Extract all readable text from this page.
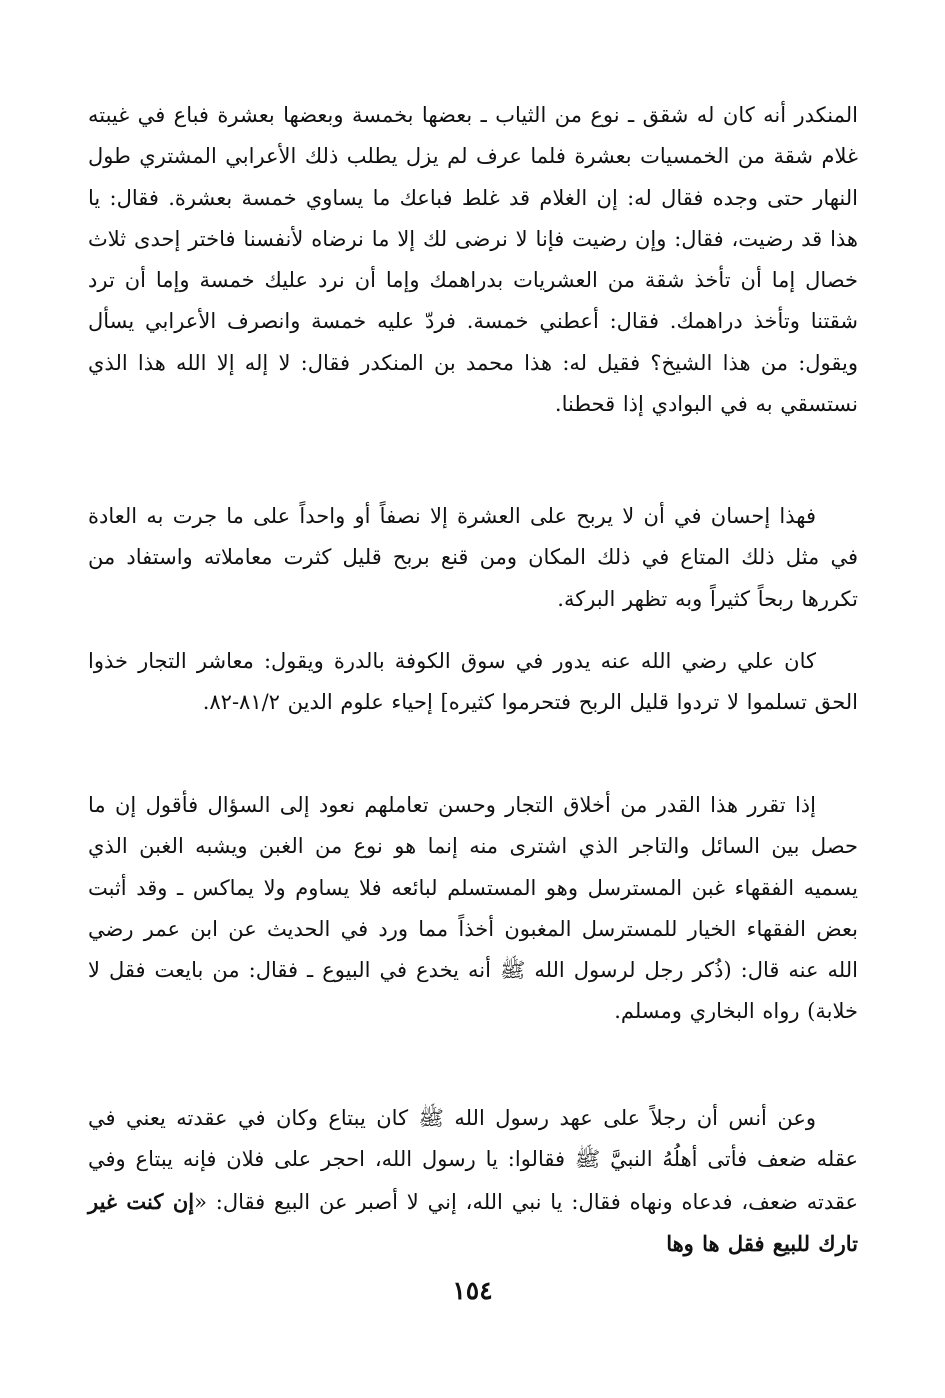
المنكدر أنه كان له شقق ـ نوع من الثياب ـ بعضها بخمسة وبعضها بعشرة فباع في غيبته غلام شقة من الخمسيات بعشرة فلما عرف لم يزل يطلب ذلك الأعرابي المشتري طول النهار حتى وجده فقال له: إن الغلام قد غلط فباعك ما يساوي خمسة بعشرة. فقال: يا هذا قد رضيت، فقال: وإن رضيت فإنا لا نرضى لك إلا ما نرضاه لأنفسنا فاختر إحدى ثلاث خصال إما أن تأخذ شقة من العشريات بدراهمك وإما أن نرد عليك خمسة وإما أن ترد شقتنا وتأخذ دراهمك. فقال: أعطني خمسة. فردّ عليه خمسة وانصرف الأعرابي يسأل ويقول: من هذا الشيخ؟ فقيل له: هذا محمد بن المنكدر فقال: لا إله إلا الله هذا الذي نستسقي به في البوادي إذا قحطنا.
فهذا إحسان في أن لا يربح على العشرة إلا نصفاً أو واحداً على ما جرت به العادة في مثل ذلك المتاع في ذلك المكان ومن قنع بربح قليل كثرت معاملاته واستفاد من تكررها ربحاً كثيراً وبه تظهر البركة.
كان علي رضي الله عنه يدور في سوق الكوفة بالدرة ويقول: معاشر التجار خذوا الحق تسلموا لا تردوا قليل الربح فتحرموا كثيره] إحياء علوم الدين ٨١/٢-٨٢.
إذا تقرر هذا القدر من أخلاق التجار وحسن تعاملهم نعود إلى السؤال فأقول إن ما حصل بين السائل والتاجر الذي اشترى منه إنما هو نوع من الغبن ويشبه الغبن الذي يسميه الفقهاء غبن المسترسل وهو المستسلم لبائعه فلا يساوم ولا يماكس ـ وقد أثبت بعض الفقهاء الخيار للمسترسل المغبون أخذاً مما ورد في الحديث عن ابن عمر رضي الله عنه قال: (ذُكر رجل لرسول الله ﷺ أنه يخدع في البيوع ـ فقال: من بايعت فقل لا خلابة) رواه البخاري ومسلم.
وعن أنس أن رجلاً على عهد رسول الله ﷺ كان يبتاع وكان في عقدته يعني في عقله ضعف فأتى أهلُهُ النبيَّ ﷺ فقالوا: يا رسول الله، احجر على فلان فإنه يبتاع وفي عقدته ضعف، فدعاه ونهاه فقال: يا نبي الله، إني لا أصبر عن البيع فقال: «إن كنت غير تارك للبيع فقل ها وها
١٥٤
